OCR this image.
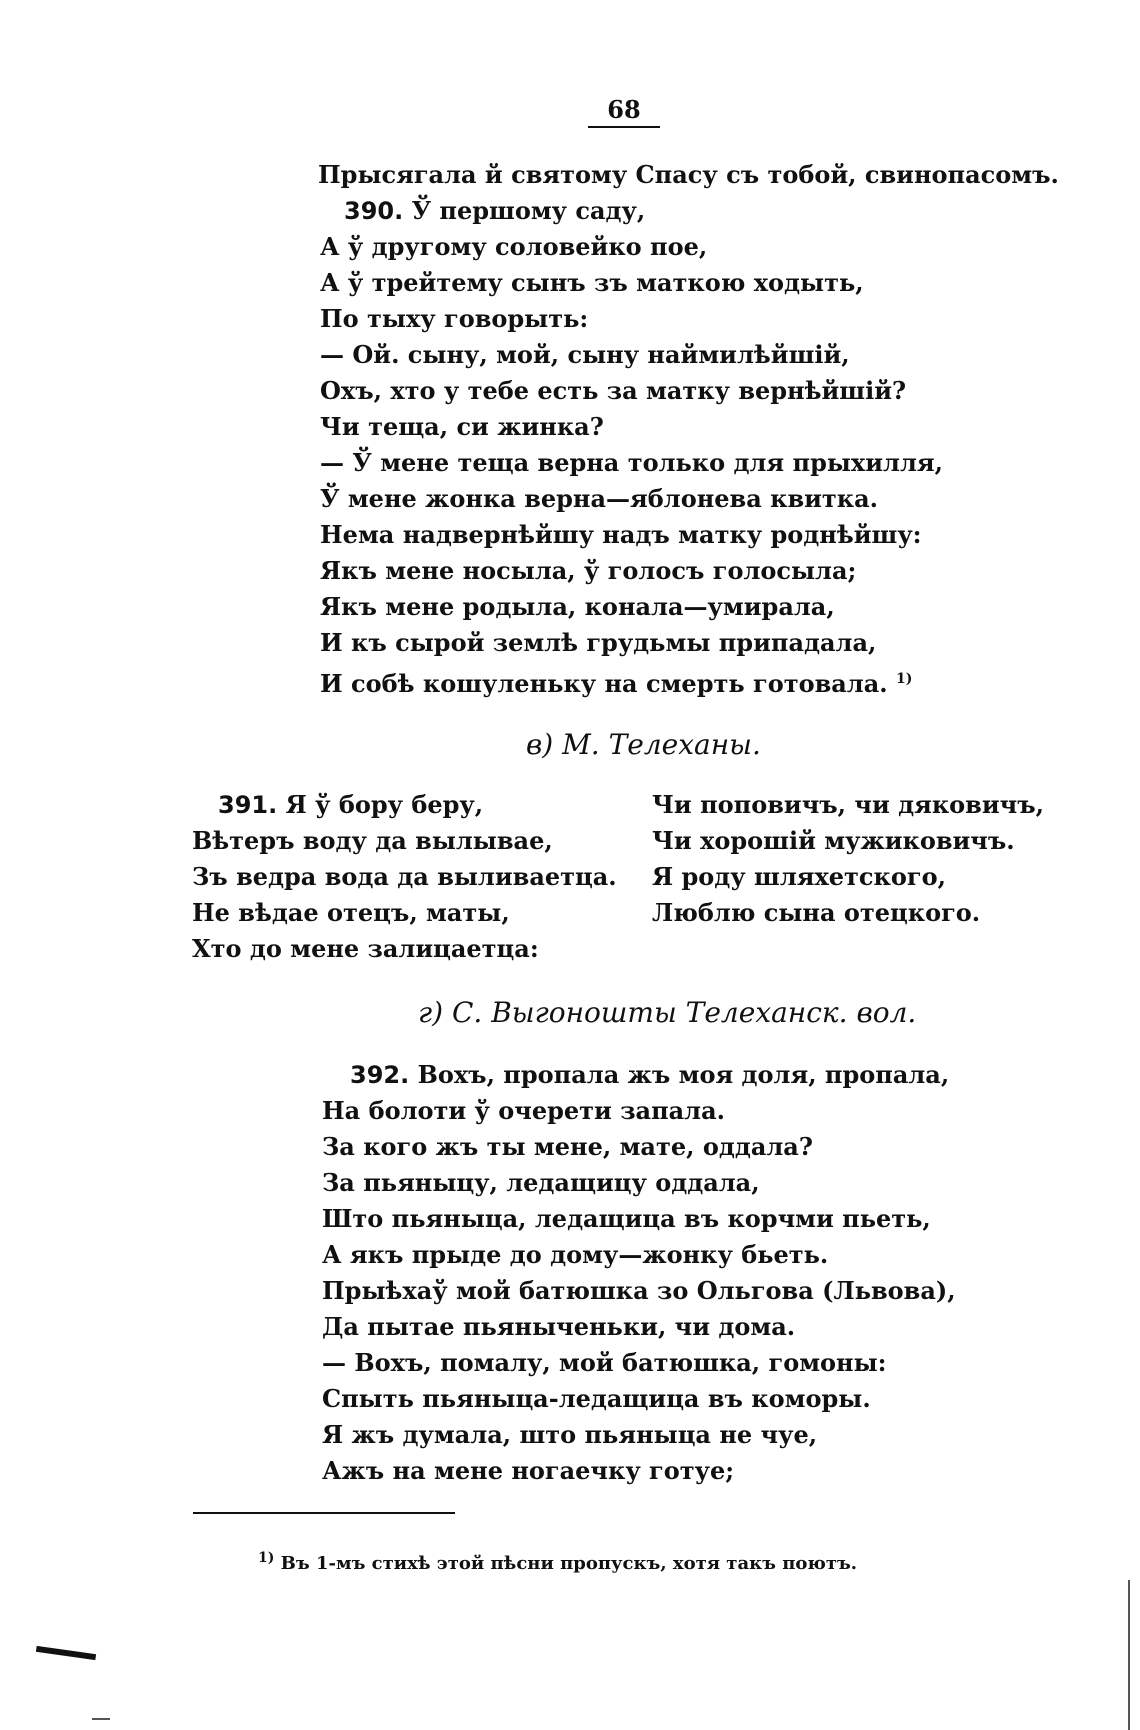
68
Прысягала й святому Спасу съ тобой, свинопасомъ.
390. Ў першому саду,
А ў другому соловейко пое,
А ў трейтему сынъ зъ маткою ходыть,
По тыху говорыть:
— Ой. сыну, мой, сыну наймилѣйшій,
Охъ, хто у тебе есть за матку вернѣйшій?
Чи теща, си жинка?
— Ў мене теща верна только для прыхилля,
Ў мене жонка верна—яблонева квитка.
Нема надвернѣйшу надъ матку роднѣйшу:
Якъ мене носыла, ў голосъ голосыла;
Якъ мене родыла, конала—умирала,
И къ сырой землѣ грудьмы припадала,
И собѣ кошуленьку на смерть готовала. $^{1)}$
в) М. Телеханы.
391. Я ў бору беру,
Вѣтеръ воду да вылывае,
Зъ ведра вода да выливаетца.
Не вѣдае отецъ, маты,
Хто до мене залицаетца:
Чи поповичъ, чи дяковичъ,
Чи хорошій мужиковичъ.
Я роду шляхетского,
Люблю сына отецкого.
г) С. Выгоношты Телеханск. вол.
392. Вохъ, пропала жъ моя доля, пропала,
На болоти ў очерети запала.
За кого жъ ты мене, мате, оддала?
За пьяныцу, ледащицу оддала,
Што пьяныца, ледащица въ корчми пьеть,
А якъ прыде до дому—жонку бьеть.
Прыѣхаў мой батюшка зо Ольгова (Львова),
Да пытае пьяныченьки, чи дома.
— Вохъ, помалу, мой батюшка, гомоны:
Спыть пьяныца-ледащица въ коморы.
Я жъ думала, што пьяныца не чуе,
Ажъ на мене ногаечку готуе;
$^{1)}$ Въ 1-мъ стихѣ этой пѣсни пропускъ, хотя такъ поютъ.
